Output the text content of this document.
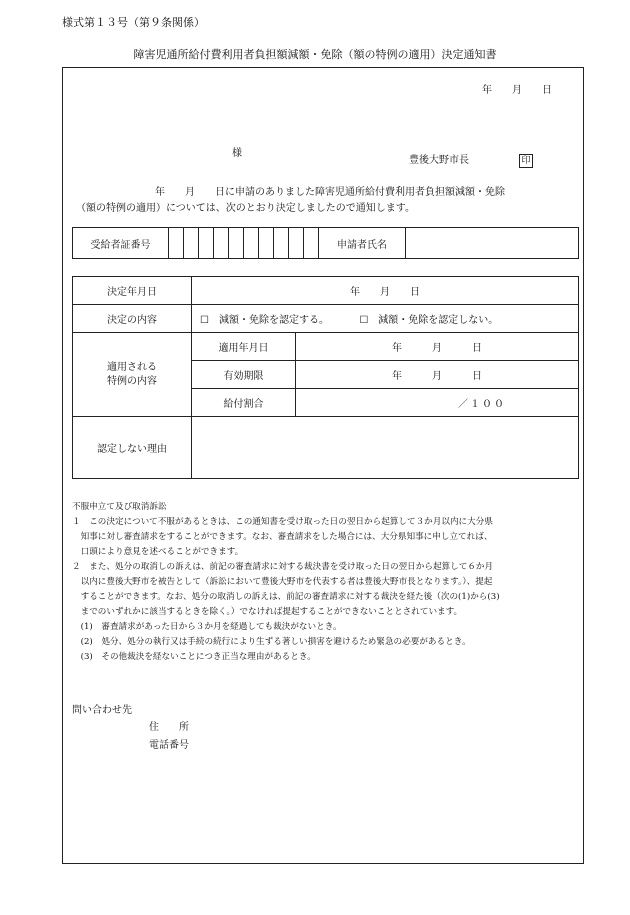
様式第１３号（第９条関係）
障害児通所給付費利用者負担額減額・免除（額の特例の適用）決定通知書
年　　月　　日
様
豊後大野市長	印
年　　月　　日に申請のありました障害児通所給付費利用者負担額減額・免除
（額の特例の適用）については、次のとおり決定しましたので通知します。
受給者証番号											申請者氏名	
決定年月日	年　　月　　日	
決定の内容	☐　減額・免除を認定する。 ☐　減額・免除を認定しない。	

適用される
特例の内容	適用年月日	年　　　月　　　日
	有効期限	年　　　月　　　日
	給付割合	／１００
認定しない理由		
不服申立て及び取消訴訟
１　この決定について不服があるときは、この通知書を受け取った日の翌日から起算して３か月以内に大分県
　知事に対し審査請求をすることができます。なお、審査請求をした場合には、大分県知事に申し立てれば、
　口頭により意見を述べることができます。
２　また、処分の取消しの訴えは、前記の審査請求に対する裁決書を受け取った日の翌日から起算して６か月
　以内に豊後大野市を被告として（訴訟において豊後大野市を代表する者は豊後大野市長となります。）、提起
　することができます。なお、処分の取消しの訴えは、前記の審査請求に対する裁決を経た後（次の(1)から(3)
　までのいずれかに該当するときを除く。）でなければ提起することができないこととされています。
　(1)　審査請求があった日から３か月を経過しても裁決がないとき。
　(2)　処分、処分の執行又は手続の続行により生ずる著しい損害を避けるため緊急の必要があるとき。
　(3)　その他裁決を経ないことにつき正当な理由があるとき。
問い合わせ先
住　　所
電話番号
